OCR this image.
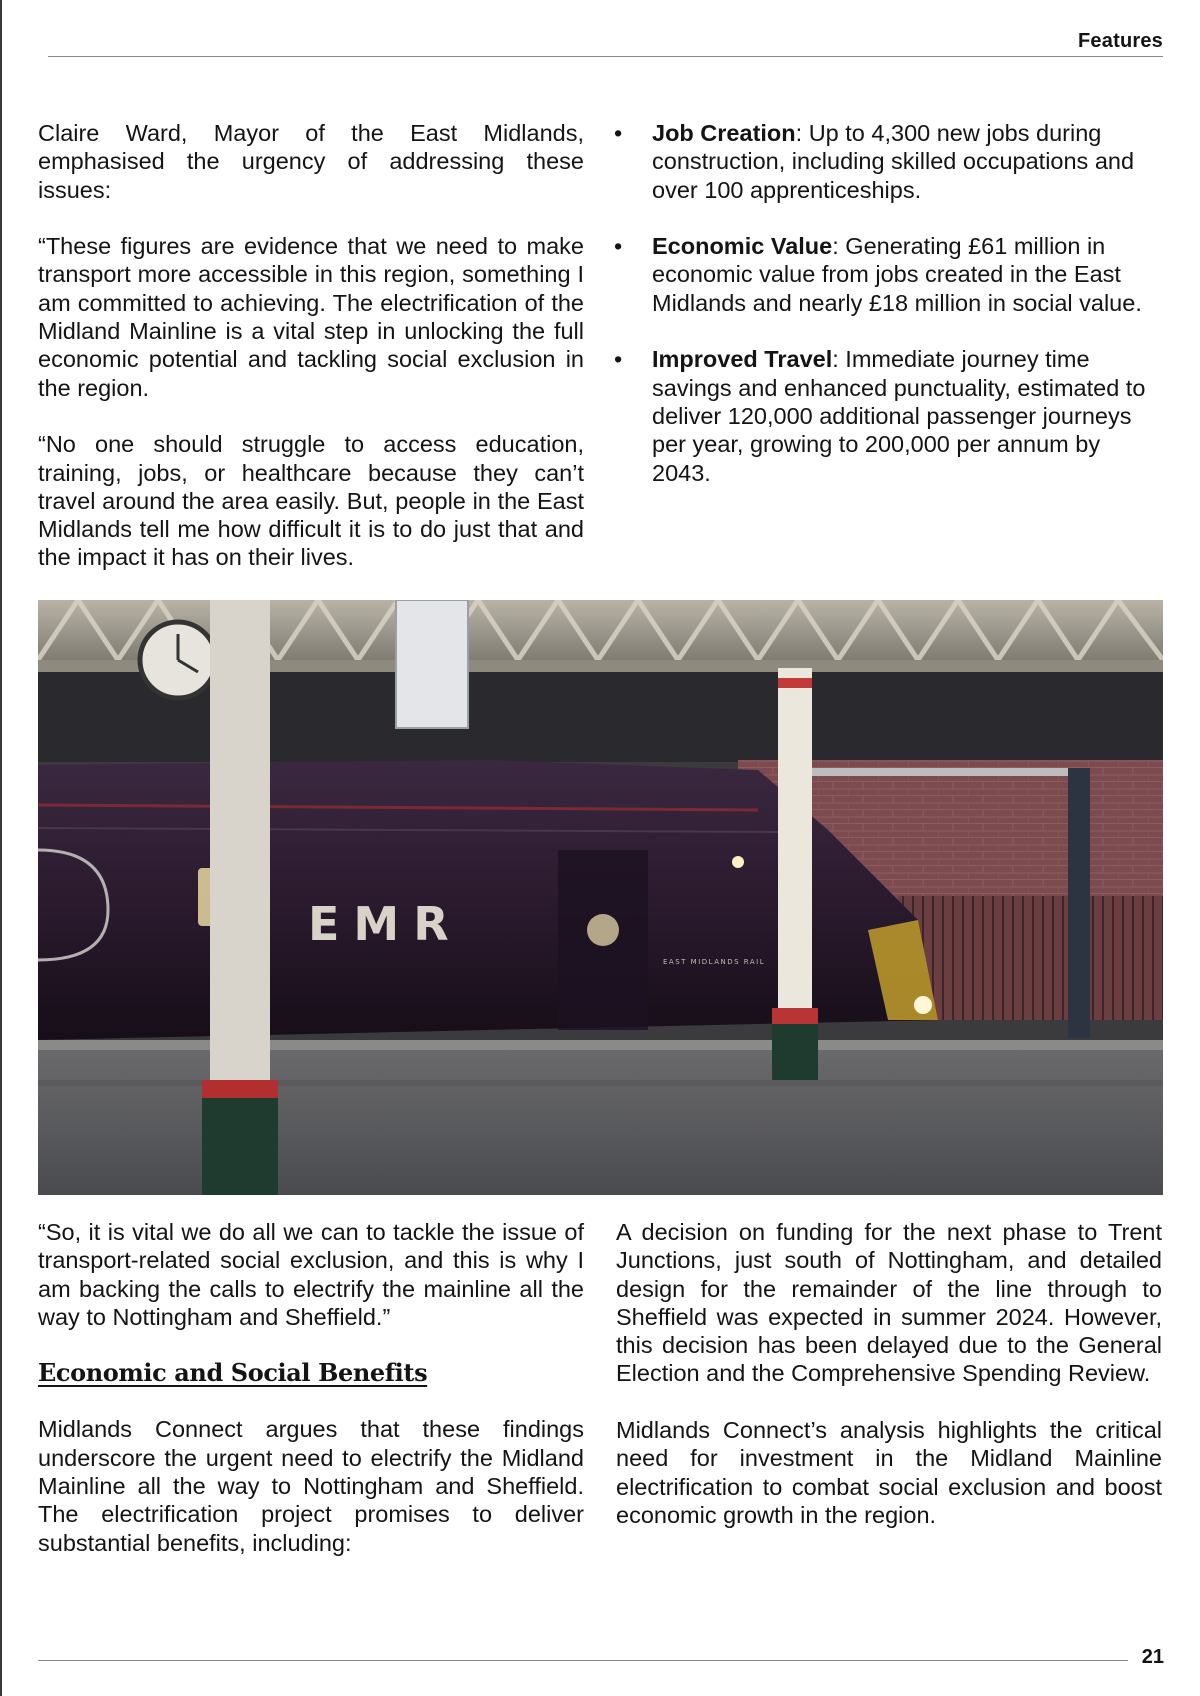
Features

Claire Ward, Mayor of the East Midlands, emphasised the urgency of addressing these issues:

“These figures are evidence that we need to make transport more accessible in this region, something I am committed to achieving. The electrification of the Midland Mainline is a vital step in unlocking the full economic potential and tackling social exclusion in the region.

“No one should struggle to access education, training, jobs, or healthcare because they can’t travel around the area easily. But, people in the East Midlands tell me how difficult it is to do just that and the impact it has on their lives.

• Job Creation: Up to 4,300 new jobs during construction, including skilled occupations and over 100 apprenticeships.
• Economic Value: Generating £61 million in economic value from jobs created in the East Midlands and nearly £18 million in social value.
• Improved Travel: Immediate journey time savings and enhanced punctuality, estimated to deliver 120,000 additional passenger journeys per year, growing to 200,000 per annum by 2043.
EMR
EAST MIDLANDS RAIL

“So, it is vital we do all we can to tackle the issue of transport-related social exclusion, and this is why I am backing the calls to electrify the mainline all the way to Nottingham and Sheffield.”

Economic and Social Benefits

Midlands Connect argues that these findings underscore the urgent need to electrify the Midland Mainline all the way to Nottingham and Sheffield. The electrification project promises to deliver substantial benefits, including:

A decision on funding for the next phase to Trent Junctions, just south of Nottingham, and detailed design for the remainder of the line through to Sheffield was expected in summer 2024. However, this decision has been delayed due to the General Election and the Comprehensive Spending Review.

Midlands Connect’s analysis highlights the critical need for investment in the Midland Mainline electrification to combat social exclusion and boost economic growth in the region.

21
